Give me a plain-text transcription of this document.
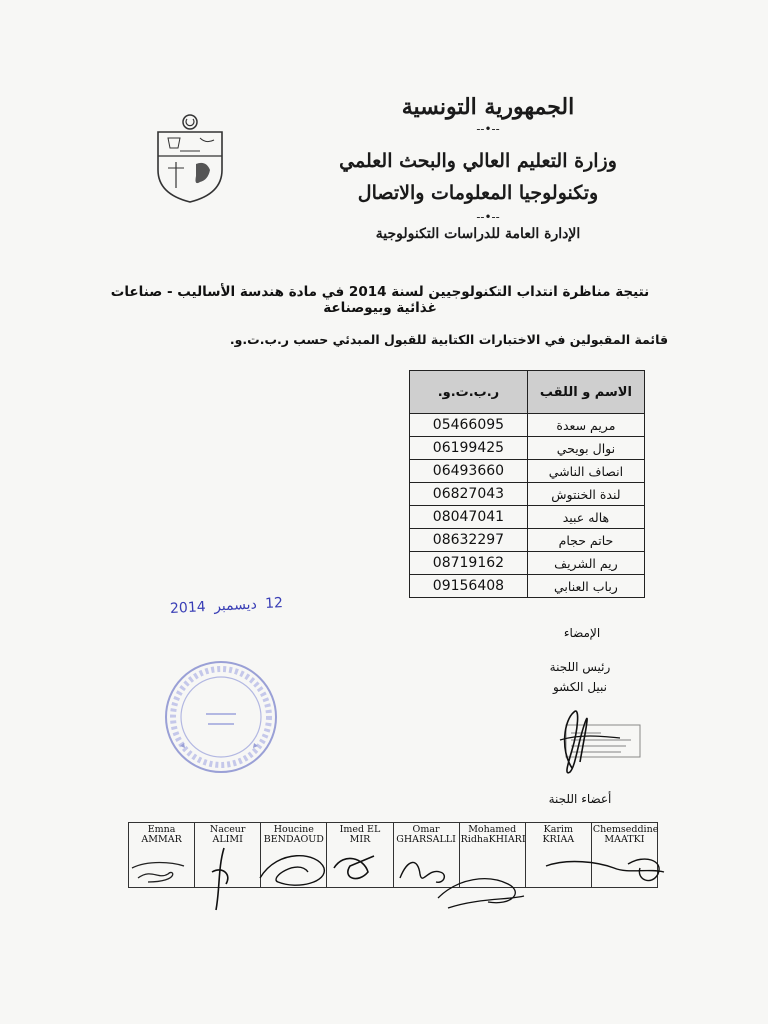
الجمهورية التونسية
--•--
وزارة التعليم العالي والبحث العلمي
وتكنولوجيا المعلومات والاتصال
--•--
الإدارة العامة للدراسات التكنولوجية
نتيجة مناظرة انتداب التكنولوجيين لسنة 2014 في مادة هندسة الأساليب - صناعات غذائية وبيوصناعة
قائمة المقبولين في الاختبارات الكتابية للقبول المبدئي حسب ر.ب.ت.و.
الاسم و اللقب	ر.ب.ت.و.
مريم سعدة	05466095
نوال بويحي	06199425
انصاف الناشي	06493660
لندة الخنتوش	06827043
هاله عبيد	08047041
حاتم حجام	08632297
ريم الشريف	08719162
رباب العنابي	09156408
12 ديسمبر 2014
الإمضاء
رئيس اللجنة
نبيل الكشو
أعضاء اللجنة
Emna
AMMAR

Naceur
ALIMI

Houcine
BENDAOUD

Imed EL
MIR

Omar
GHARSALLI

Mohamed
RidhaKHIARI

Karim
KRIAA

Chemseddine
MAATKI
